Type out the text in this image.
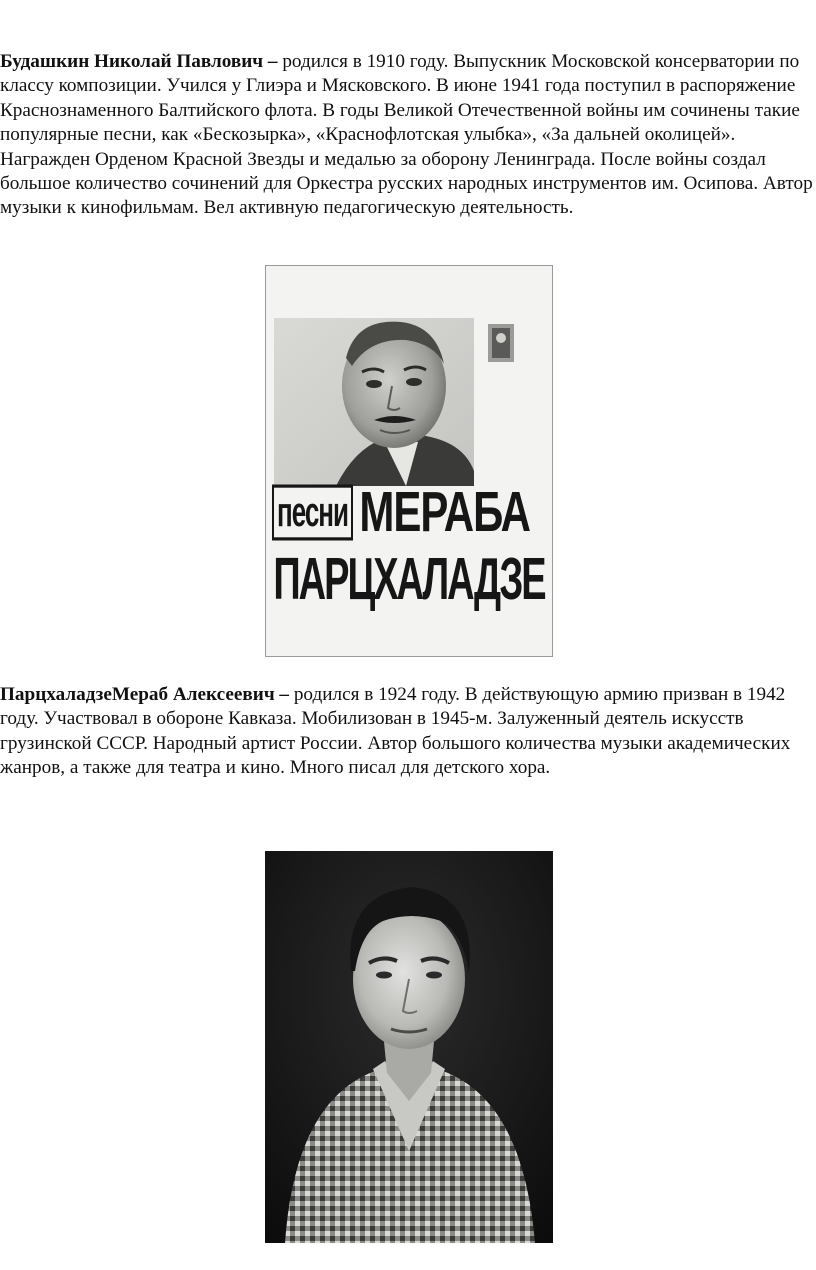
Будашкин Николай Павлович – родился в 1910 году. Выпускник Московской консерватории по классу композиции. Учился у Глиэра и Мясковского. В июне 1941 года поступил в распоряжение Краснознаменного Балтийского флота. В годы Великой Отечественной войны им сочинены такие популярные песни, как «Бескозырка», «Краснофлотская улыбка», «За дальней околицей». Награжден Орденом Красной Звезды и медалью за оборону Ленинграда. После войны создал большое количество сочинений для Оркестра русских народных инструментов им. Осипова. Автор музыки к кинофильмам. Вел активную педагогическую деятельность.

песни МЕРАБА
ПАРЦХАЛАДЗЕ

ПарцхаладзеМераб Алексеевич – родился в 1924 году. В действующую армию призван в 1942 году. Участвовал в обороне Кавказа. Мобилизован в 1945-м. Залуженный деятель искусств грузинской СССР. Народный артист России. Автор большого количества музыки академических жанров, а также для театра и кино. Много писал для детского хора.
